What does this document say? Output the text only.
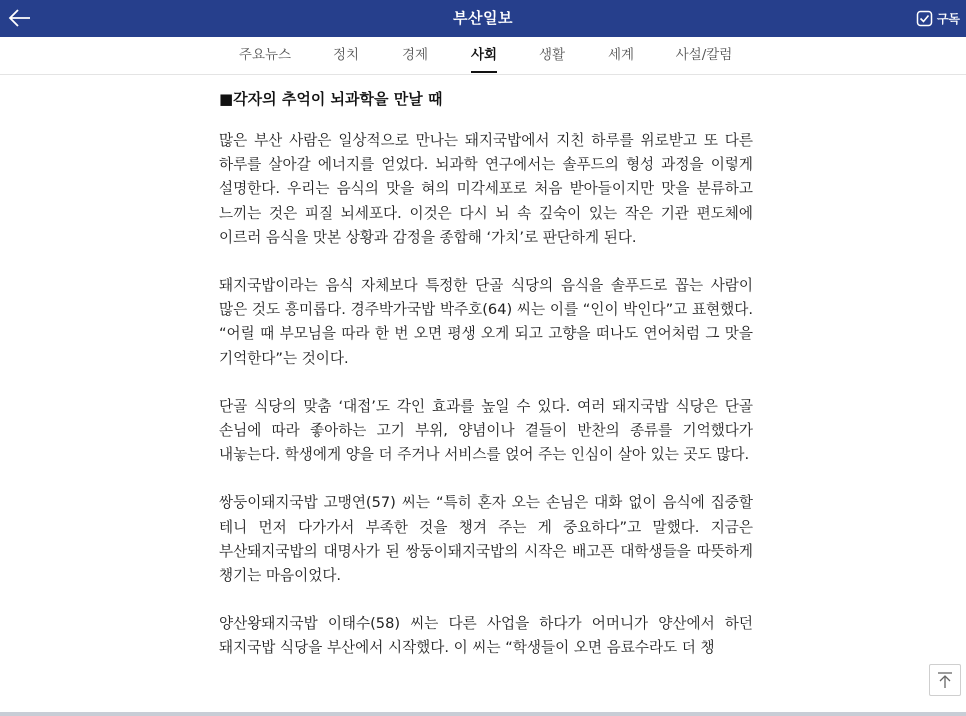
부산일보	구독
주요뉴스	정치	경제	사회	생활	세계	사설/칼럼
■각자의 추억이 뇌과학을 만날 때

많은 부산 사람은 일상적으로 만나는 돼지국밥에서 지친 하루를 위로받고 또 다른 하루를 살아갈 에너지를 얻었다. 뇌과학 연구에서는 솔푸드의 형성 과정을 이렇게 설명한다. 우리는 음식의 맛을 혀의 미각세포로 처음 받아들이지만 맛을 분류하고 느끼는 것은 피질 뇌세포다. 이것은 다시 뇌 속 깊숙이 있는 작은 기관 편도체에 이르러 음식을 맛본 상황과 감정을 종합해 ‘가치’로 판단하게 된다.

돼지국밥이라는 음식 자체보다 특정한 단골 식당의 음식을 솔푸드로 꼽는 사람이 많은 것도 흥미롭다. 경주박가국밥 박주호(64) 씨는 이를 “인이 박인다”고 표현했다. “어릴 때 부모님을 따라 한 번 오면 평생 오게 되고 고향을 떠나도 연어처럼 그 맛을 기억한다”는 것이다.

단골 식당의 맞춤 ‘대접’도 각인 효과를 높일 수 있다. 여러 돼지국밥 식당은 단골 손님에 따라 좋아하는 고기 부위, 양념이나 곁들이 반찬의 종류를 기억했다가 내놓는다. 학생에게 양을 더 주거나 서비스를 얹어 주는 인심이 살아 있는 곳도 많다.

쌍둥이돼지국밥 고맹연(57) 씨는 “특히 혼자 오는 손님은 대화 없이 음식에 집중할 테니 먼저 다가가서 부족한 것을 챙겨 주는 게 중요하다”고 말했다. 지금은 부산돼지국밥의 대명사가 된 쌍둥이돼지국밥의 시작은 배고픈 대학생들을 따뜻하게 챙기는 마음이었다.

양산왕돼지국밥 이태수(58) 씨는 다른 사업을 하다가 어머니가 양산에서 하던 돼지국밥 식당을 부산에서 시작했다. 이 씨는 “학생들이 오면 음료수라도 더 챙
